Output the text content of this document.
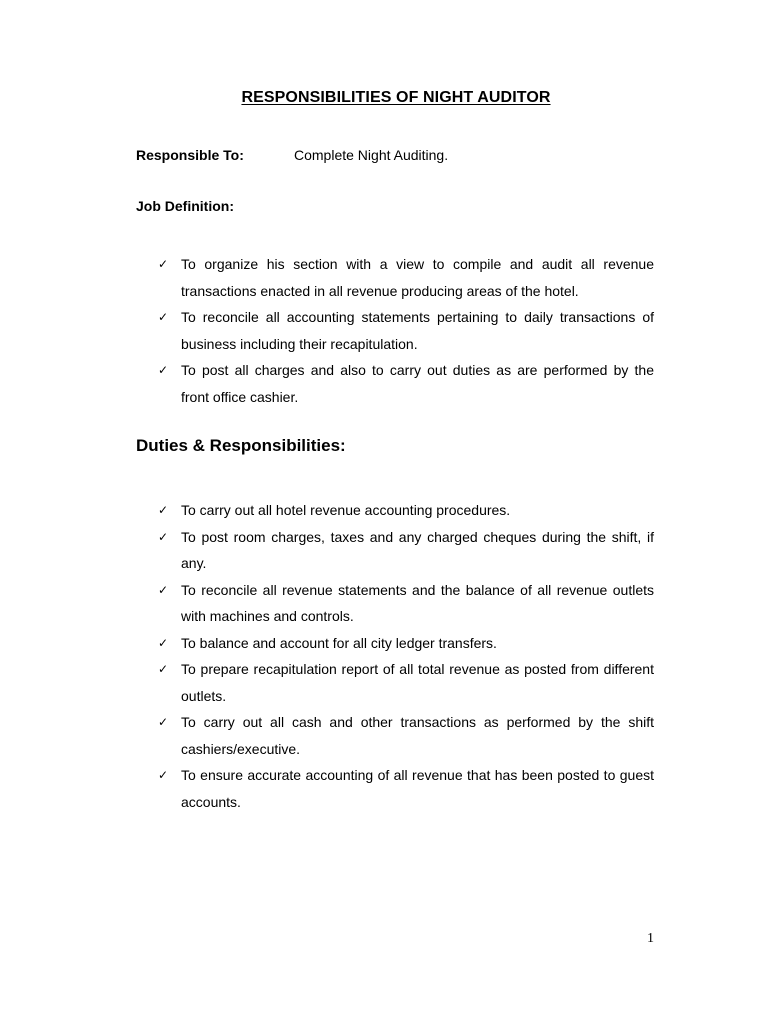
RESPONSIBILITIES OF NIGHT AUDITOR
Responsible To:	Complete Night Auditing.
Job Definition:
✓ To organize his section with a view to compile and audit all revenue transactions enacted in all revenue producing areas of the hotel.
✓ To reconcile all accounting statements pertaining to daily transactions of business including their recapitulation.
✓ To post all charges and also to carry out duties as are performed by the front office cashier.
Duties & Responsibilities:
✓ To carry out all hotel revenue accounting procedures.
✓ To post room charges, taxes and any charged cheques during the shift, if any.
✓ To reconcile all revenue statements and the balance of all revenue outlets with machines and controls.
✓ To balance and account for all city ledger transfers.
✓ To prepare recapitulation report of all total revenue as posted from different outlets.
✓ To carry out all cash and other transactions as performed by the shift cashiers/executive.
✓ To ensure accurate accounting of all revenue that has been posted to guest accounts.
1
